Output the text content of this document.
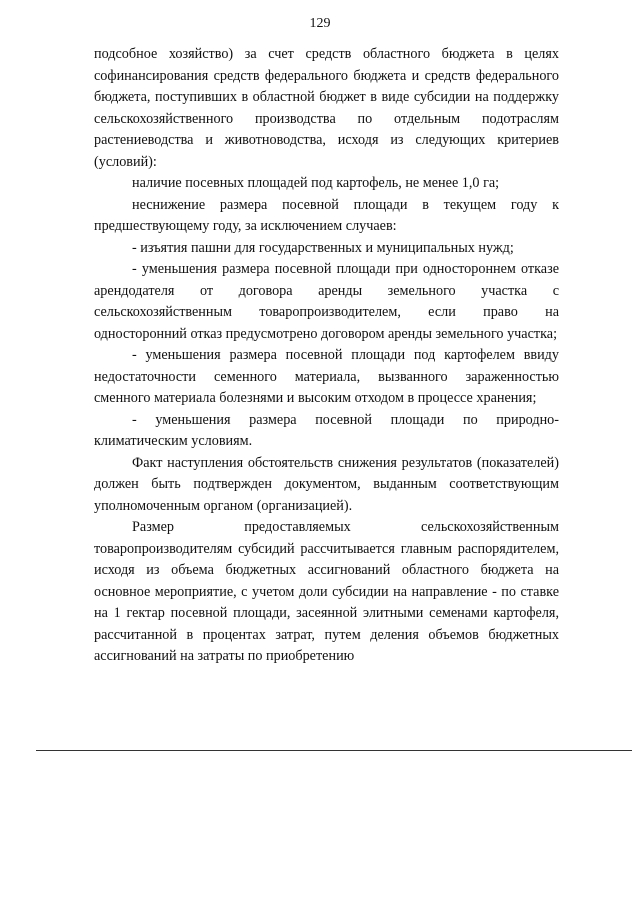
129

подсобное хозяйство) за счет средств областного бюджета в целях софинансирования средств федерального бюджета и средств федерального бюджета, поступивших в областной бюджет в виде субсидии на поддержку сельскохозяйственного производства по отдельным подотраслям растениеводства и животноводства, исходя из следующих критериев (условий):

наличие посевных площадей под картофель, не менее 1,0 га;

неснижение размера посевной площади в текущем году к предшествующему году, за исключением случаев:

- изъятия пашни для государственных и муниципальных нужд;

- уменьшения размера посевной площади при одностороннем отказе арендодателя от договора аренды земельного участка с сельскохозяйственным товаропроизводителем, если право на односторонний отказ предусмотрено договором аренды земельного участка;

- уменьшения размера посевной площади под картофелем ввиду недостаточности семенного материала, вызванного зараженностью сменного материала болезнями и высоким отходом в процессе хранения;

- уменьшения размера посевной площади по природно-климатическим условиям.

Факт наступления обстоятельств снижения результатов (показателей) должен быть подтвержден документом, выданным соответствующим уполномоченным органом (организацией).

Размер предоставляемых сельскохозяйственным товаропроизводителям субсидий рассчитывается главным распорядителем, исходя из объема бюджетных ассигнований областного бюджета на основное мероприятие, с учетом доли субсидии на направление - по ставке на 1 гектар посевной площади, засеянной элитными семенами картофеля, рассчитанной в процентах затрат, путем деления объемов бюджетных ассигнований на затраты по приобретению
